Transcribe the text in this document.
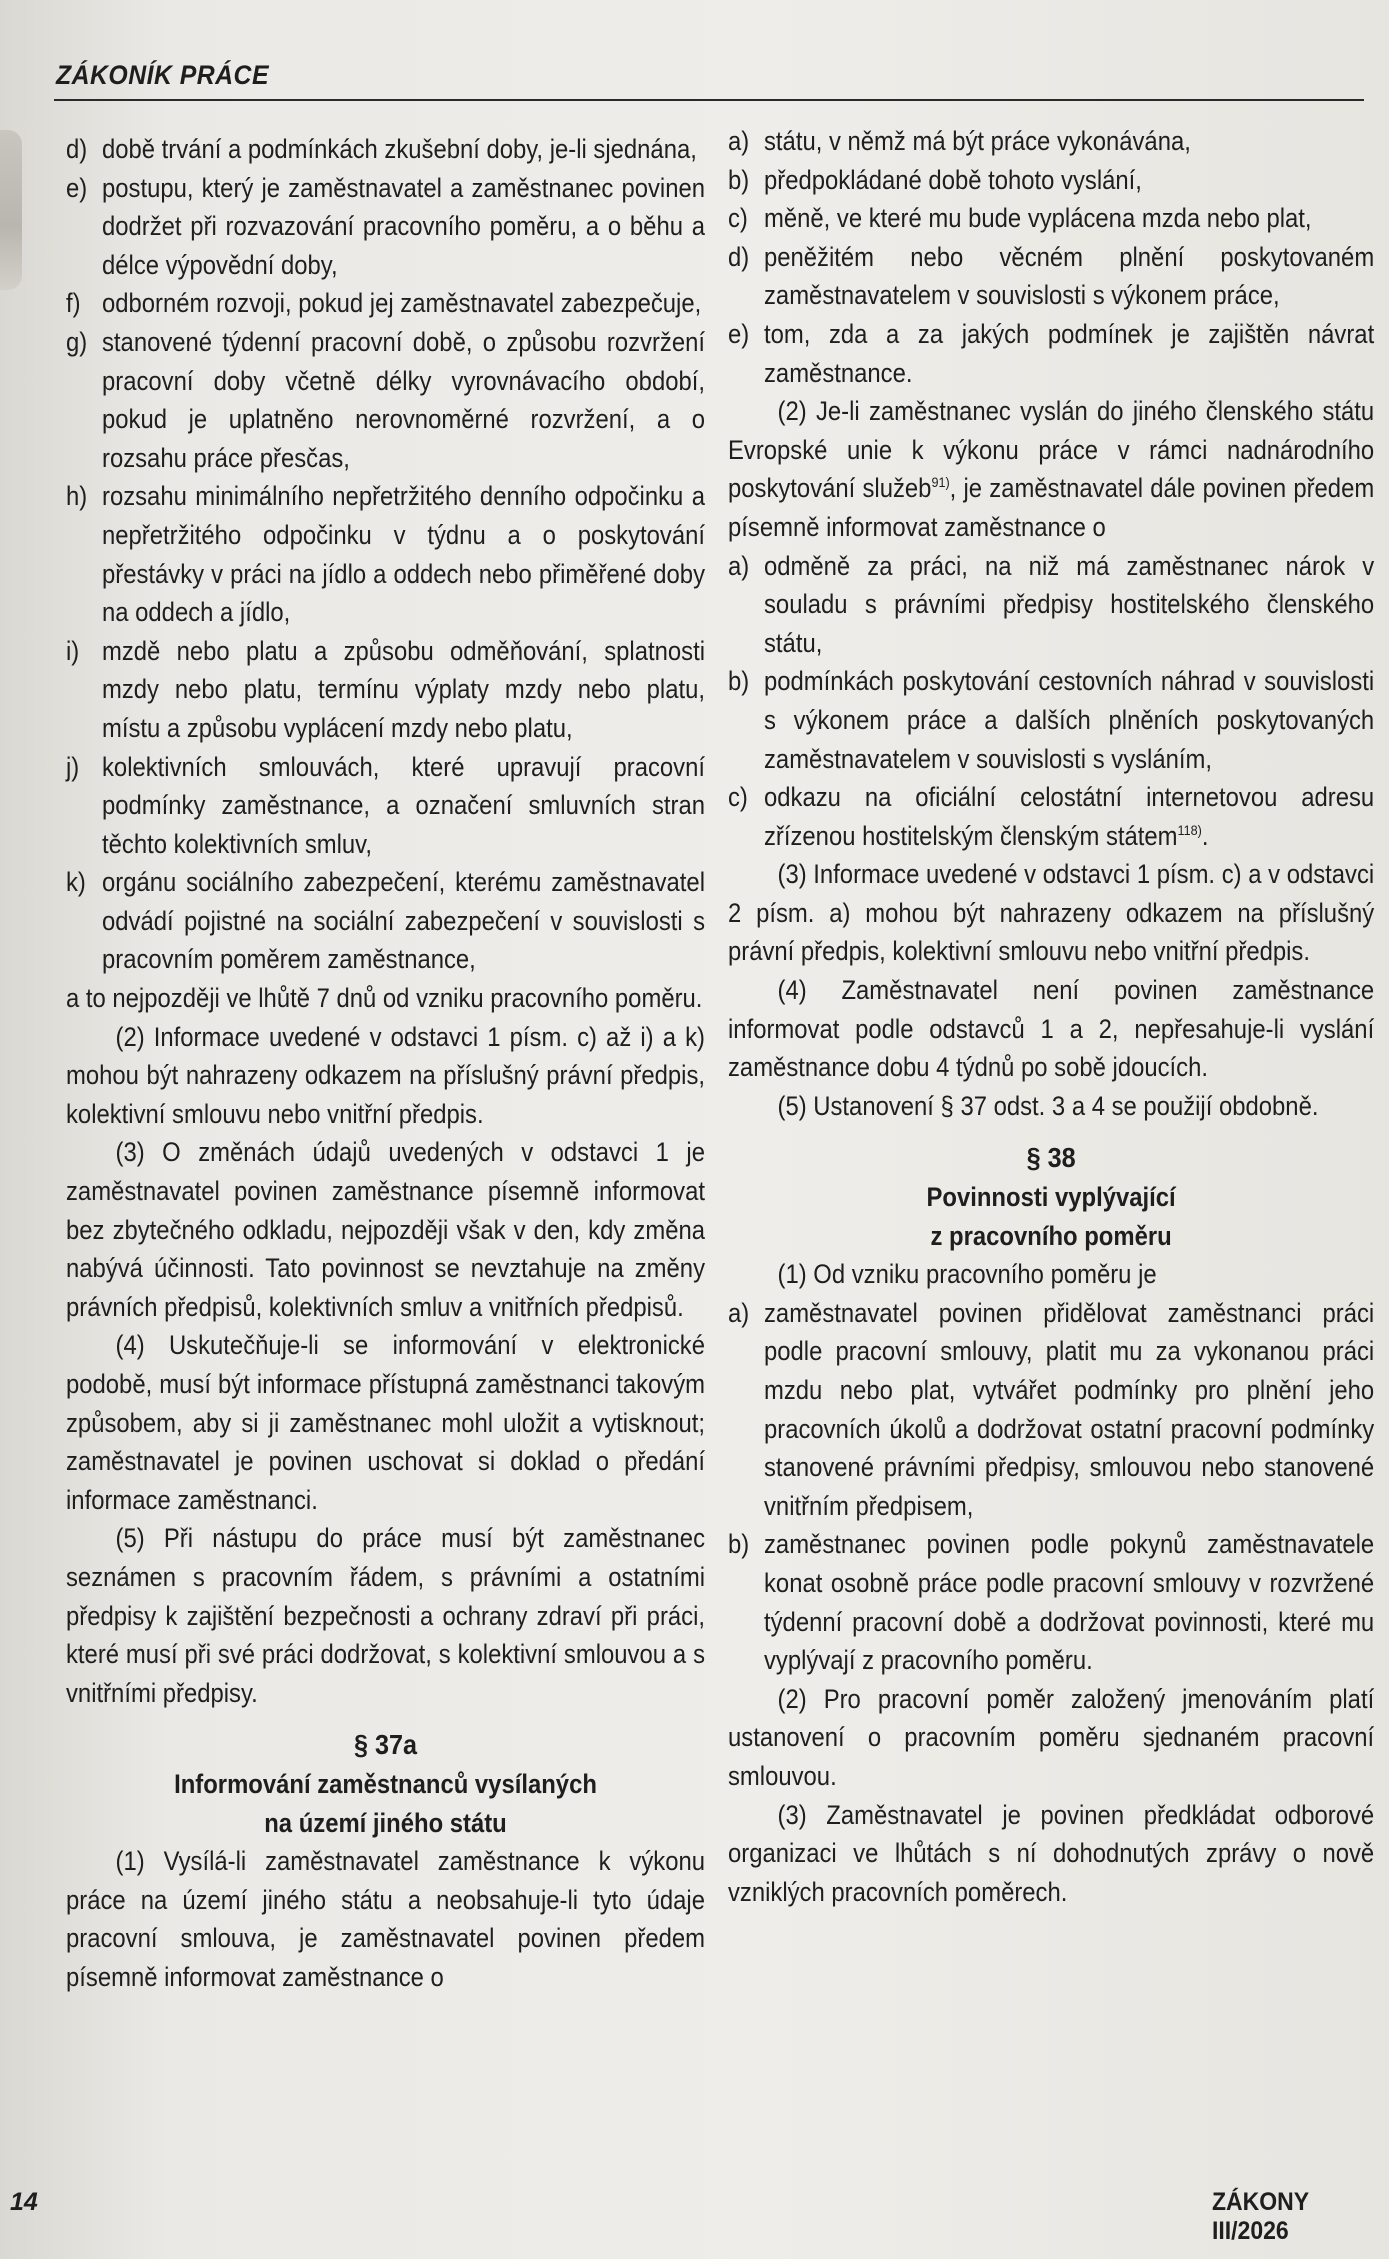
ZÁKONÍK PRÁCE
d) době trvání a podmínkách zkušební doby, je-li sjednána,
e) postupu, který je zaměstnavatel a zaměstnanec povinen dodržet při rozvazování pracovního poměru, a o běhu a délce výpovědní doby,
f) odborném rozvoji, pokud jej zaměstnavatel zabezpečuje,
g) stanovené týdenní pracovní době, o způsobu rozvržení pracovní doby včetně délky vyrovnávacího období, pokud je uplatněno nerovnoměrné rozvržení, a o rozsahu práce přesčas,
h) rozsahu minimálního nepřetržitého denního odpočinku a nepřetržitého odpočinku v týdnu a o poskytování přestávky v práci na jídlo a oddech nebo přiměřené doby na oddech a jídlo,
i) mzdě nebo platu a způsobu odměňování, splatnosti mzdy nebo platu, termínu výplaty mzdy nebo platu, místu a způsobu vyplácení mzdy nebo platu,
j) kolektivních smlouvách, které upravují pracovní podmínky zaměstnance, a označení smluvních stran těchto kolektivních smluv,
k) orgánu sociálního zabezpečení, kterému zaměstnavatel odvádí pojistné na sociální zabezpečení v souvislosti s pracovním poměrem zaměstnance,

a to nejpozději ve lhůtě 7 dnů od vzniku pracovního poměru.

(2) Informace uvedené v odstavci 1 písm. c) až i) a k) mohou být nahrazeny odkazem na příslušný právní předpis, kolektivní smlouvu nebo vnitřní předpis.

(3) O změnách údajů uvedených v odstavci 1 je zaměstnavatel povinen zaměstnance písemně informovat bez zbytečného odkladu, nejpozději však v den, kdy změna nabývá účinnosti. Tato povinnost se nevztahuje na změny právních předpisů, kolektivních smluv a vnitřních předpisů.

(4) Uskutečňuje-li se informování v elektronické podobě, musí být informace přístupná zaměstnanci takovým způsobem, aby si ji zaměstnanec mohl uložit a vytisknout; zaměstnavatel je povinen uschovat si doklad o předání informace zaměstnanci.

(5) Při nástupu do práce musí být zaměstnanec seznámen s pracovním řádem, s právními a ostatními předpisy k zajištění bezpečnosti a ochrany zdraví při práci, které musí při své práci dodržovat, s kolektivní smlouvou a s vnitřními předpisy.

§ 37a

Informování zaměstnanců vysílaných

na území jiného státu

(1) Vysílá-li zaměstnavatel zaměstnance k výkonu práce na území jiného státu a neobsahuje-li tyto údaje pracovní smlouva, je zaměstnavatel povinen předem písemně informovat zaměstnance o

a) státu, v němž má být práce vykonávána,
b) předpokládané době tohoto vyslání,
c) měně, ve které mu bude vyplácena mzda nebo plat,
d) peněžitém nebo věcném plnění poskytovaném zaměstnavatelem v souvislosti s výkonem práce,
e) tom, zda a za jakých podmínek je zajištěn návrat zaměstnance.

(2) Je-li zaměstnanec vyslán do jiného členského státu Evropské unie k výkonu práce v rámci nadnárodního poskytování služeb$^{91)}$, je zaměstnavatel dále povinen předem písemně informovat zaměstnance o

a) odměně za práci, na niž má zaměstnanec nárok v souladu s právními předpisy hostitelského členského státu,
b) podmínkách poskytování cestovních náhrad v souvislosti s výkonem práce a dalších plněních poskytovaných zaměstnavatelem v souvislosti s vysláním,
c) odkazu na oficiální celostátní internetovou adresu zřízenou hostitelským členským státem$^{118)}$.

(3) Informace uvedené v odstavci 1 písm. c) a v odstavci 2 písm. a) mohou být nahrazeny odkazem na příslušný právní předpis, kolektivní smlouvu nebo vnitřní předpis.

(4) Zaměstnavatel není povinen zaměstnance informovat podle odstavců 1 a 2, nepřesahuje-li vyslání zaměstnance dobu 4 týdnů po sobě jdoucích.

(5) Ustanovení § 37 odst. 3 a 4 se použijí obdobně.

§ 38

Povinnosti vyplývající

z pracovního poměru

(1) Od vzniku pracovního poměru je

a) zaměstnavatel povinen přidělovat zaměstnanci práci podle pracovní smlouvy, platit mu za vykonanou práci mzdu nebo plat, vytvářet podmínky pro plnění jeho pracovních úkolů a dodržovat ostatní pracovní podmínky stanovené právními předpisy, smlouvou nebo stanovené vnitřním předpisem,
b) zaměstnanec povinen podle pokynů zaměstnavatele konat osobně práce podle pracovní smlouvy v rozvržené týdenní pracovní době a dodržovat povinnosti, které mu vyplývají z pracovního poměru.

(2) Pro pracovní poměr založený jmenováním platí ustanovení o pracovním poměru sjednaném pracovní smlouvou.

(3) Zaměstnavatel je povinen předkládat odborové organizaci ve lhůtách s ní dohodnutých zprávy o nově vzniklých pracovních poměrech.

14	ZÁKONY III/2026
